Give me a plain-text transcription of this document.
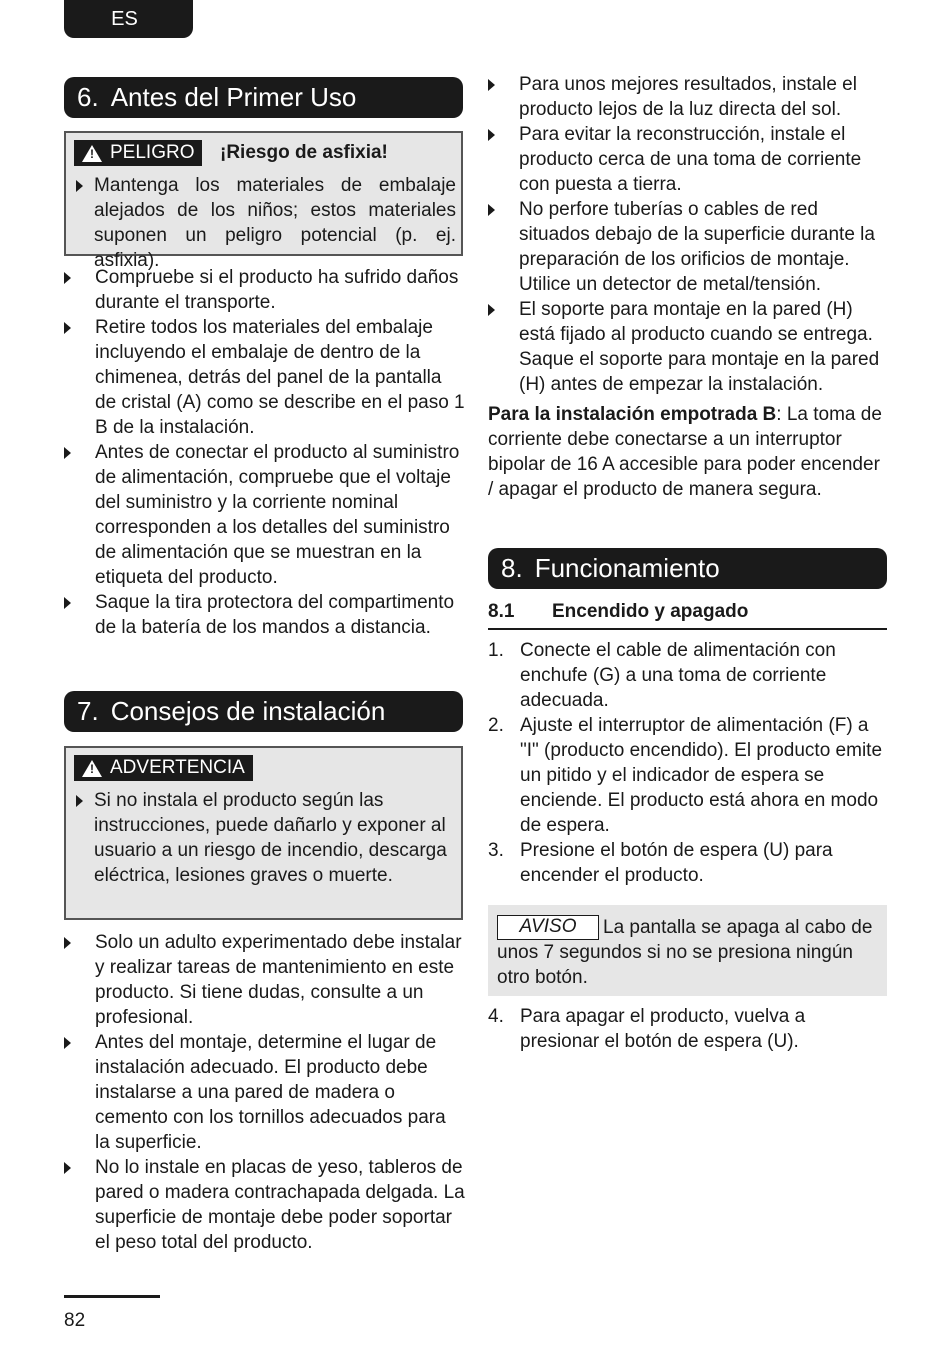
ES
6. Antes del Primer Uso
!
PELIGRO ¡Riesgo de asfixia!
Mantenga los materiales de embalaje alejados de los niños; estos materiales suponen un peligro potencial (p. ej. asfixia).
Compruebe si el producto ha sufrido daños durante el transporte.
Retire todos los materiales del embalaje incluyendo el embalaje de dentro de la chimenea, detrás del panel de la pantalla de cristal (A) como se describe en el paso 1 B de la instalación.
Antes de conectar el producto al suministro de alimentación, compruebe que el voltaje del suministro y la corriente nominal corresponden a los detalles del suministro de alimentación que se muestran en la etiqueta del producto.
Saque la tira protectora del compartimento de la batería de los mandos a distancia.
7. Consejos de instalación
!
ADVERTENCIA
Si no instala el producto según las instrucciones, puede dañarlo y exponer al usuario a un riesgo de incendio, descarga eléctrica, lesiones graves o muerte.
Solo un adulto experimentado debe instalar y realizar tareas de mantenimiento en este producto. Si tiene dudas, consulte a un profesional.
Antes del montaje, determine el lugar de instalación adecuado. El producto debe instalarse a una pared de madera o cemento con los tornillos adecuados para la superficie.
No lo instale en placas de yeso, tableros de pared o madera contrachapada delgada. La superficie de montaje debe poder soportar el peso total del producto.
Para unos mejores resultados, instale el producto lejos de la luz directa del sol.
Para evitar la reconstrucción, instale el producto cerca de una toma de corriente con puesta a tierra.
No perfore tuberías o cables de red situados debajo de la superficie durante la preparación de los orificios de montaje. Utilice un detector de metal/tensión.
El soporte para montaje en la pared (H) está fijado al producto cuando se entrega. Saque el soporte para montaje en la pared (H) antes de empezar la instalación.
Para la instalación empotrada B: La toma de corriente debe conectarse a un interruptor bipolar de 16 A accesible para poder encender / apagar el producto de manera segura.
8. Funcionamiento
8.1 Encendido y apagado
1. Conecte el cable de alimentación con enchufe (G) a una toma de corriente adecuada.
2. Ajuste el interruptor de alimentación (F) a "I" (producto encendido). El producto emite un pitido y el indicador de espera se enciende. El producto está ahora en modo de espera.
3. Presione el botón de espera (U) para encender el producto.
AVISO La pantalla se apaga al cabo de unos 7 segundos si no se presiona ningún otro botón.
4. Para apagar el producto, vuelva a presionar el botón de espera (U).
82
